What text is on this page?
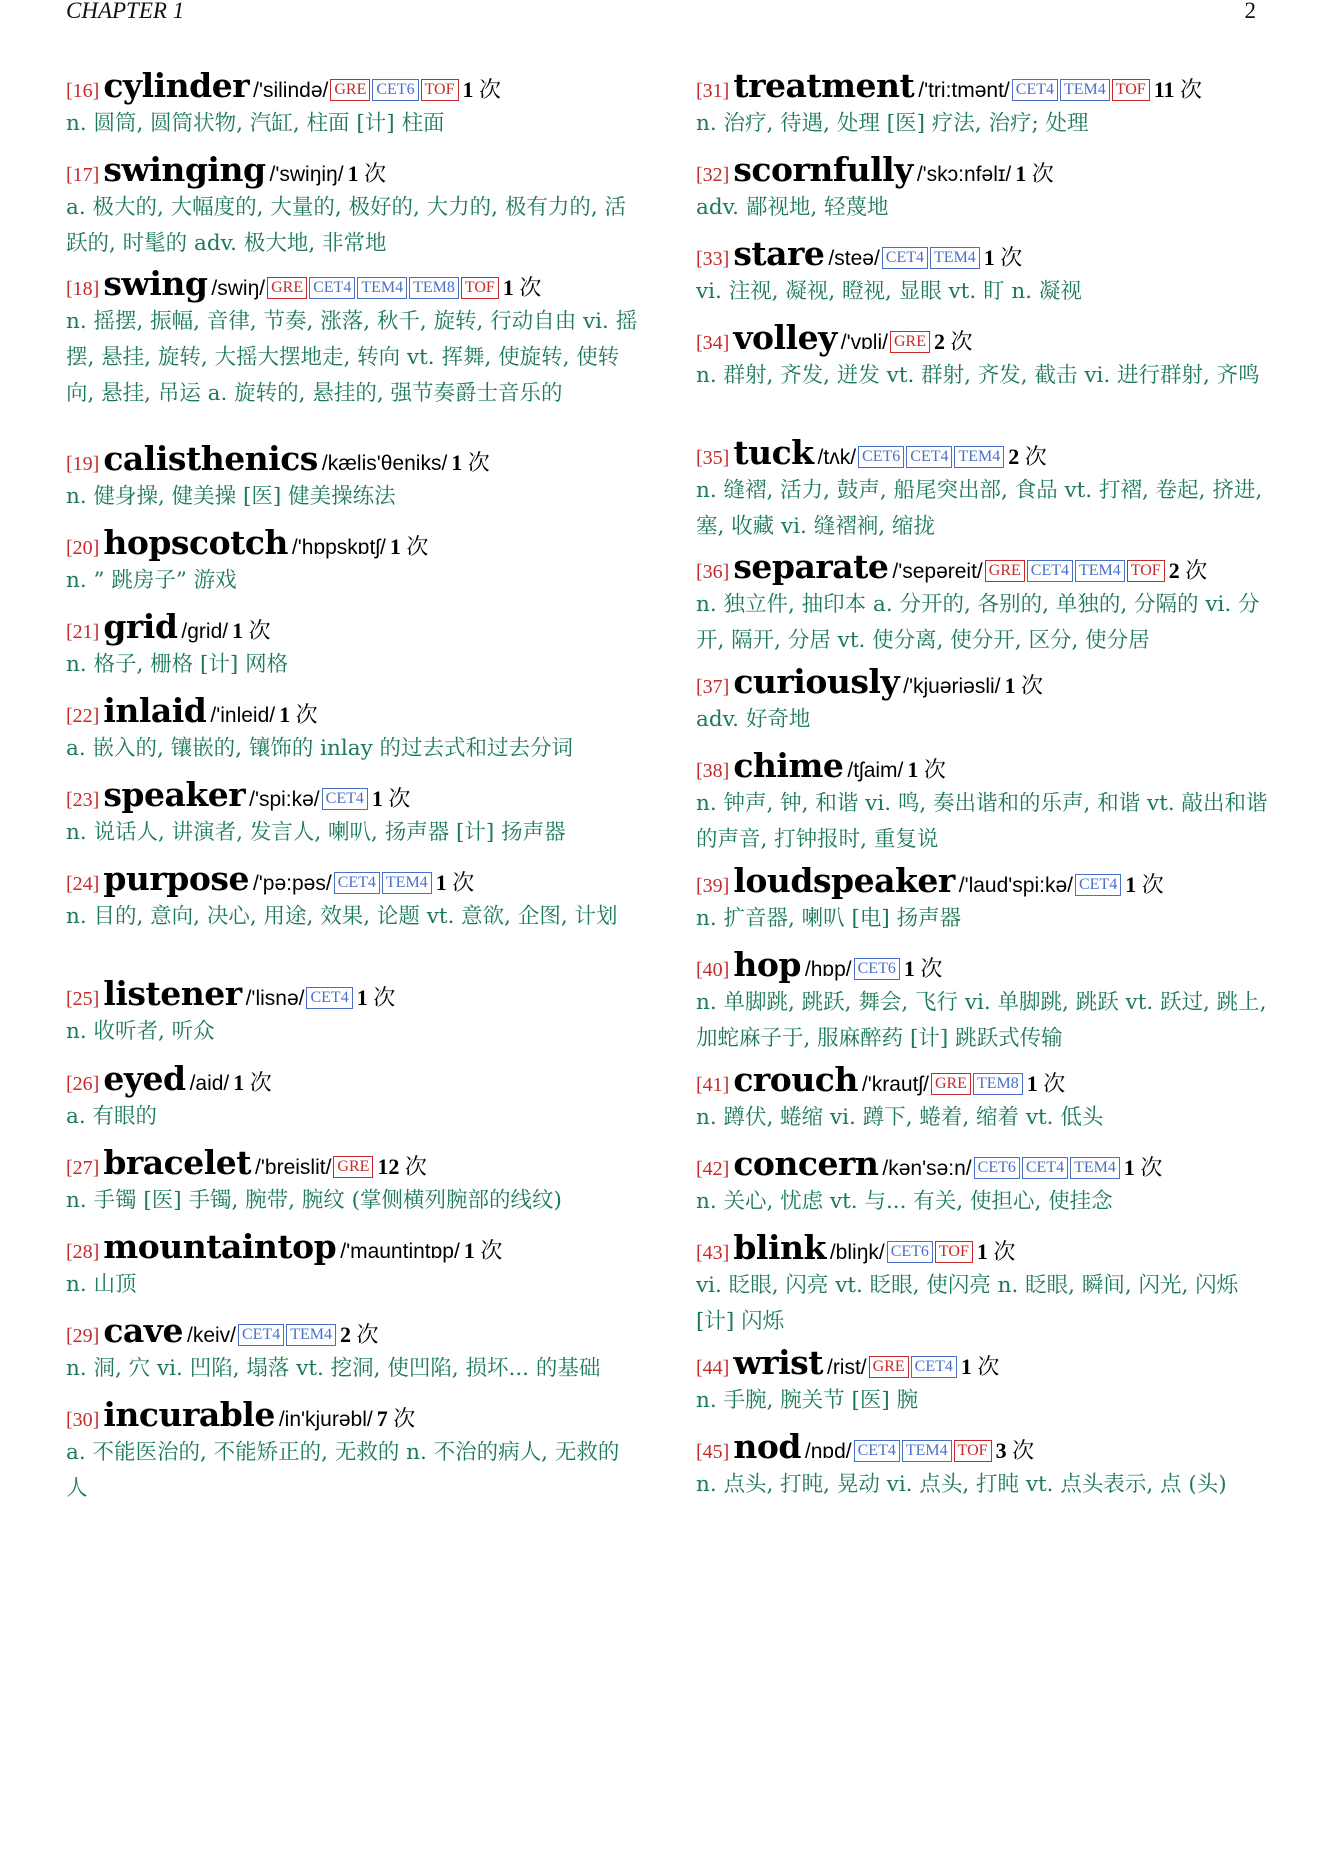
CHAPTER 1	2
[16] cylinder /'silində/ GRE CET6 TOF 1 次
n. 圆筒, 圆筒状物, 汽缸, 柱面 [计] 柱面
[17] swinging /'swiŋiŋ/ 1 次
a. 极大的, 大幅度的, 大量的, 极好的, 大力的, 极有力的, 活跃的, 时髦的 adv. 极大地, 非常地
[18] swing /swiŋ/ GRE CET4 TEM4 TEM8 TOF 1 次
n. 摇摆, 振幅, 音律, 节奏, 涨落, 秋千, 旋转, 行动自由 vi. 摇摆, 悬挂, 旋转, 大摇大摆地走, 转向 vt. 挥舞, 使旋转, 使转向, 悬挂, 吊运 a. 旋转的, 悬挂的, 强节奏爵士音乐的
[19] calisthenics /kælis'θeniks/ 1 次
n. 健身操, 健美操 [医] 健美操练法
[20] hopscotch /'hɒpskɒtʃ/ 1 次
n. ” 跳房子” 游戏
[21] grid /grid/ 1 次
n. 格子, 栅格 [计] 网格
[22] inlaid /'inleid/ 1 次
a. 嵌入的, 镶嵌的, 镶饰的 inlay 的过去式和过去分词
[23] speaker /'spi:kə/ CET4 1 次
n. 说话人, 讲演者, 发言人, 喇叭, 扬声器 [计] 扬声器
[24] purpose /'pə:pəs/ CET4 TEM4 1 次
n. 目的, 意向, 决心, 用途, 效果, 论题 vt. 意欲, 企图, 计划
[25] listener /'lisnə/ CET4 1 次
n. 收听者, 听众
[26] eyed /aid/ 1 次
a. 有眼的
[27] bracelet /'breislit/ GRE 12 次
n. 手镯 [医] 手镯, 腕带, 腕纹 (掌侧横列腕部的线纹)
[28] mountaintop /'mauntintɒp/ 1 次
n. 山顶
[29] cave /keiv/ CET4 TEM4 2 次
n. 洞, 穴 vi. 凹陷, 塌落 vt. 挖洞, 使凹陷, 损坏... 的基础
[30] incurable /in'kjurəbl/ 7 次
a. 不能医治的, 不能矫正的, 无救的 n. 不治的病人, 无救的人
[31] treatment /'tri:tmənt/ CET4 TEM4 TOF 11 次
n. 治疗, 待遇, 处理 [医] 疗法, 治疗; 处理
[32] scornfully /'skɔ:nfəlɪ/ 1 次
adv. 鄙视地, 轻蔑地
[33] stare /steə/ CET4 TEM4 1 次
vi. 注视, 凝视, 瞪视, 显眼 vt. 盯 n. 凝视
[34] volley /'vɒli/ GRE 2 次
n. 群射, 齐发, 迸发 vt. 群射, 齐发, 截击 vi. 进行群射, 齐鸣
[35] tuck /tʌk/ CET6 CET4 TEM4 2 次
n. 缝褶, 活力, 鼓声, 船尾突出部, 食品 vt. 打褶, 卷起, 挤进, 塞, 收藏 vi. 缝褶裥, 缩拢
[36] separate /'sepəreit/ GRE CET4 TEM4 TOF 2 次
n. 独立件, 抽印本 a. 分开的, 各别的, 单独的, 分隔的 vi. 分开, 隔开, 分居 vt. 使分离, 使分开, 区分, 使分居
[37] curiously /'kjuəriəsli/ 1 次
adv. 好奇地
[38] chime /tʃaim/ 1 次
n. 钟声, 钟, 和谐 vi. 鸣, 奏出谐和的乐声, 和谐 vt. 敲出和谐的声音, 打钟报时, 重复说
[39] loudspeaker /'laud'spi:kə/ CET4 1 次
n. 扩音器, 喇叭 [电] 扬声器
[40] hop /hɒp/ CET6 1 次
n. 单脚跳, 跳跃, 舞会, 飞行 vi. 单脚跳, 跳跃 vt. 跃过, 跳上, 加蛇麻子于, 服麻醉药 [计] 跳跃式传输
[41] crouch /'krautʃ/ GRE TEM8 1 次
n. 蹲伏, 蜷缩 vi. 蹲下, 蜷着, 缩着 vt. 低头
[42] concern /kən'sə:n/ CET6 CET4 TEM4 1 次
n. 关心, 忧虑 vt. 与... 有关, 使担心, 使挂念
[43] blink /bliŋk/ CET6 TOF 1 次
vi. 眨眼, 闪亮 vt. 眨眼, 使闪亮 n. 眨眼, 瞬间, 闪光, 闪烁 [计] 闪烁
[44] wrist /rist/ GRE CET4 1 次
n. 手腕, 腕关节 [医] 腕
[45] nod /nɒd/ CET4 TEM4 TOF 3 次
n. 点头, 打盹, 晃动 vi. 点头, 打盹 vt. 点头表示, 点 (头)
